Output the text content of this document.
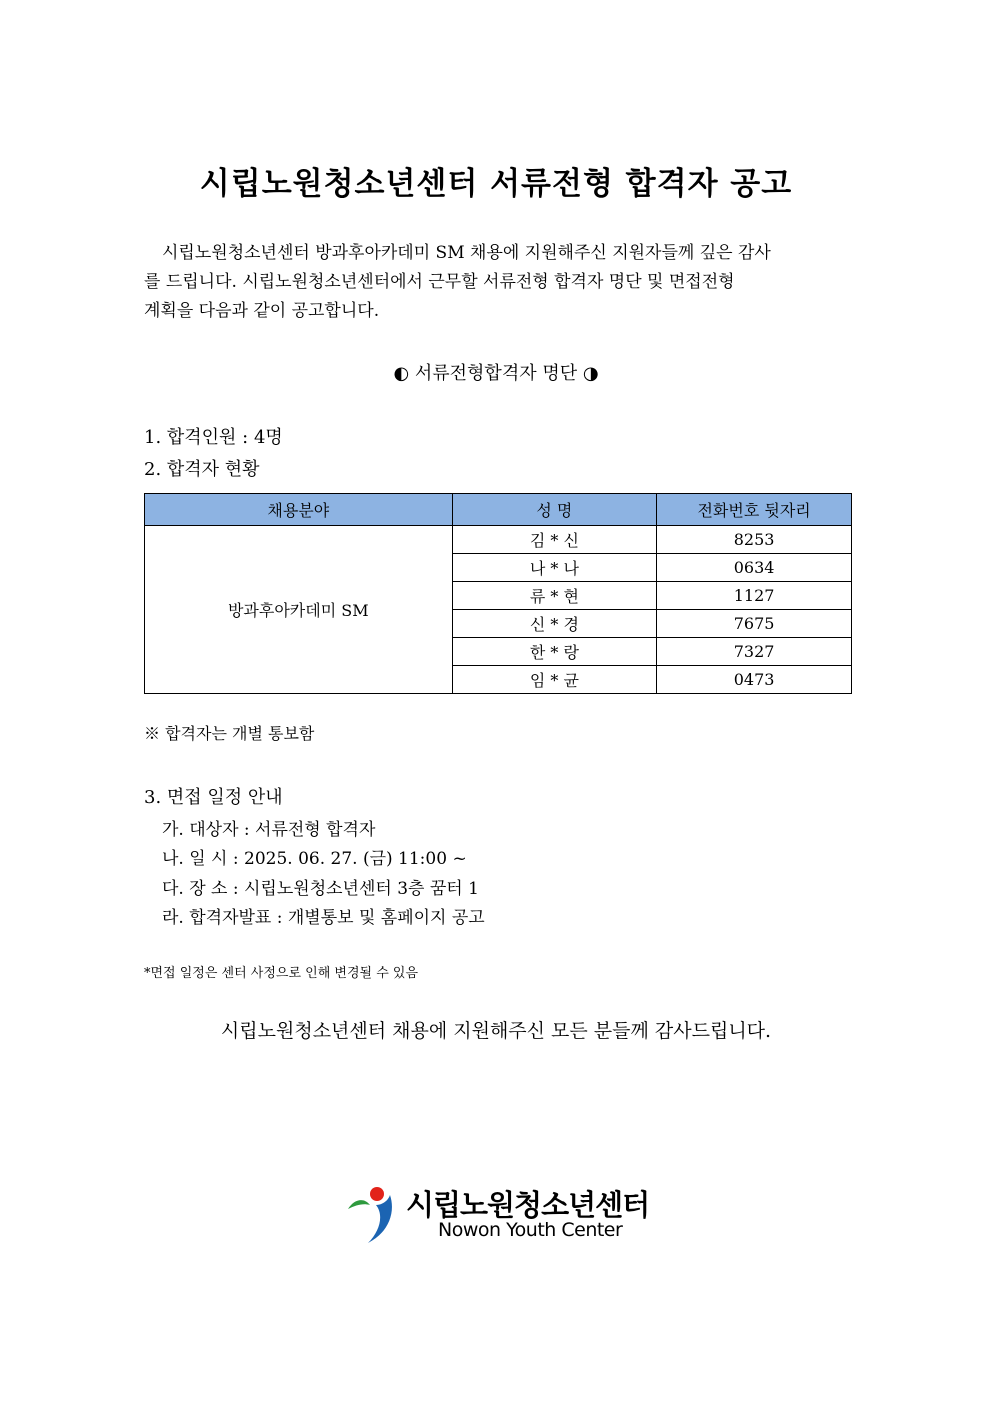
시립노원청소년센터 서류전형 합격자 공고
시립노원청소년센터 방과후아카데미 SM 채용에 지원해주신 지원자들께 깊은 감사
를 드립니다. 시립노원청소년센터에서 근무할 서류전형 합격자 명단 및 면접전형
계획을 다음과 같이 공고합니다.
◐ 서류전형합격자 명단 ◑
1. 합격인원 : 4명
2. 합격자 현황
채용분야	성 명	전화번호 뒷자리
방과후아카데미 SM	김 * 신	8253
	나 * 나	0634
	류 * 현	1127
	신 * 경	7675
	한 * 랑	7327
	임 * 균	0473
※ 합격자는 개별 통보함
3. 면접 일정 안내
가. 대상자 : 서류전형 합격자
나. 일 시 : 2025. 06. 27. (금) 11:00 ~
다. 장 소 : 시립노원청소년센터 3층 꿈터 1
라. 합격자발표 : 개별통보 및 홈페이지 공고
*면접 일정은 센터 사정으로 인해 변경될 수 있음
시립노원청소년센터 채용에 지원해주신 모든 분들께 감사드립니다.
시립노원청소년센터
Nowon Youth Center
